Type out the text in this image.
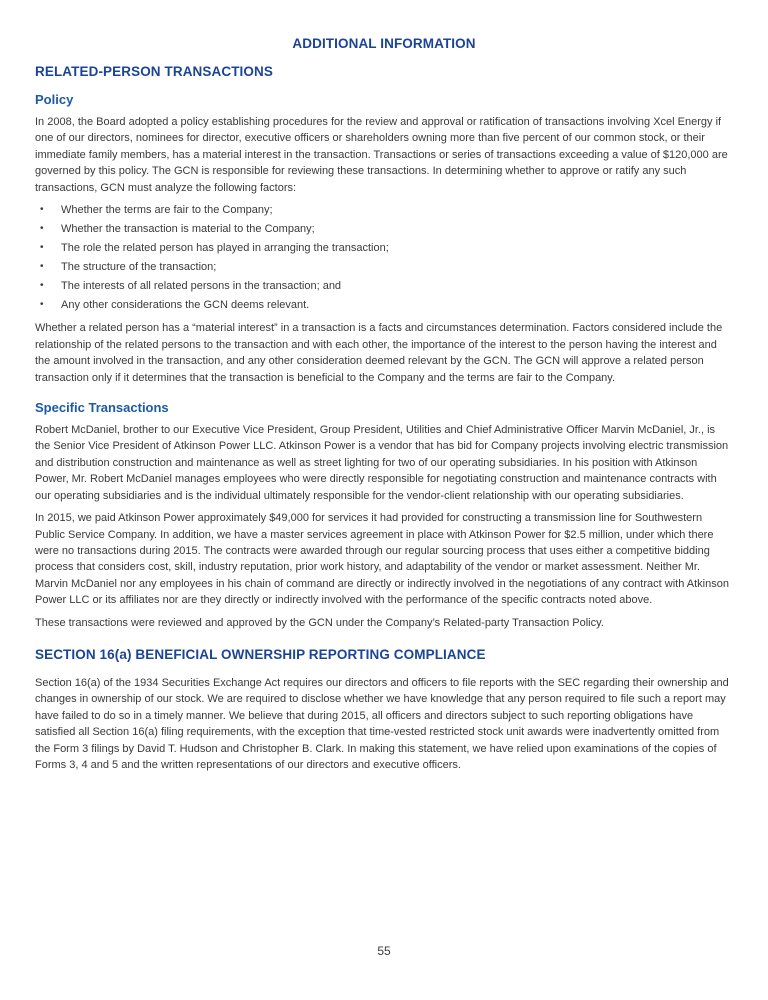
ADDITIONAL INFORMATION
RELATED-PERSON TRANSACTIONS
Policy

In 2008, the Board adopted a policy establishing procedures for the review and approval or ratification of transactions involving Xcel Energy if one of our directors, nominees for director, executive officers or shareholders owning more than five percent of our common stock, or their immediate family members, has a material interest in the transaction. Transactions or series of transactions exceeding a value of $120,000 are governed by this policy. The GCN is responsible for reviewing these transactions. In determining whether to approve or ratify any such transactions, GCN must analyze the following factors:

• Whether the terms are fair to the Company;
• Whether the transaction is material to the Company;
• The role the related person has played in arranging the transaction;
• The structure of the transaction;
• The interests of all related persons in the transaction; and
• Any other considerations the GCN deems relevant.

Whether a related person has a “material interest” in a transaction is a facts and circumstances determination. Factors considered include the relationship of the related persons to the transaction and with each other, the importance of the interest to the person having the interest and the amount involved in the transaction, and any other consideration deemed relevant by the GCN. The GCN will approve a related person transaction only if it determines that the transaction is beneficial to the Company and the terms are fair to the Company.

Specific Transactions

Robert McDaniel, brother to our Executive Vice President, Group President, Utilities and Chief Administrative Officer Marvin McDaniel, Jr., is the Senior Vice President of Atkinson Power LLC. Atkinson Power is a vendor that has bid for Company projects involving electric transmission and distribution construction and maintenance as well as street lighting for two of our operating subsidiaries. In his position with Atkinson Power, Mr. Robert McDaniel manages employees who were directly responsible for negotiating construction and maintenance contracts with our operating subsidiaries and is the individual ultimately responsible for the vendor-client relationship with our operating subsidiaries.

In 2015, we paid Atkinson Power approximately $49,000 for services it had provided for constructing a transmission line for Southwestern Public Service Company. In addition, we have a master services agreement in place with Atkinson Power for $2.5 million, under which there were no transactions during 2015. The contracts were awarded through our regular sourcing process that uses either a competitive bidding process that considers cost, skill, industry reputation, prior work history, and adaptability of the vendor or market assessment. Neither Mr. Marvin McDaniel nor any employees in his chain of command are directly or indirectly involved in the negotiations of any contract with Atkinson Power LLC or its affiliates nor are they directly or indirectly involved with the performance of the specific contracts noted above.

These transactions were reviewed and approved by the GCN under the Company’s Related-party Transaction Policy.

SECTION 16(a) BENEFICIAL OWNERSHIP REPORTING COMPLIANCE

Section 16(a) of the 1934 Securities Exchange Act requires our directors and officers to file reports with the SEC regarding their ownership and changes in ownership of our stock. We are required to disclose whether we have knowledge that any person required to file such a report may have failed to do so in a timely manner. We believe that during 2015, all officers and directors subject to such reporting obligations have satisfied all Section 16(a) filing requirements, with the exception that time-vested restricted stock unit awards were inadvertently omitted from the Form 3 filings by David T. Hudson and Christopher B. Clark. In making this statement, we have relied upon examinations of the copies of Forms 3, 4 and 5 and the written representations of our directors and executive officers.

55
